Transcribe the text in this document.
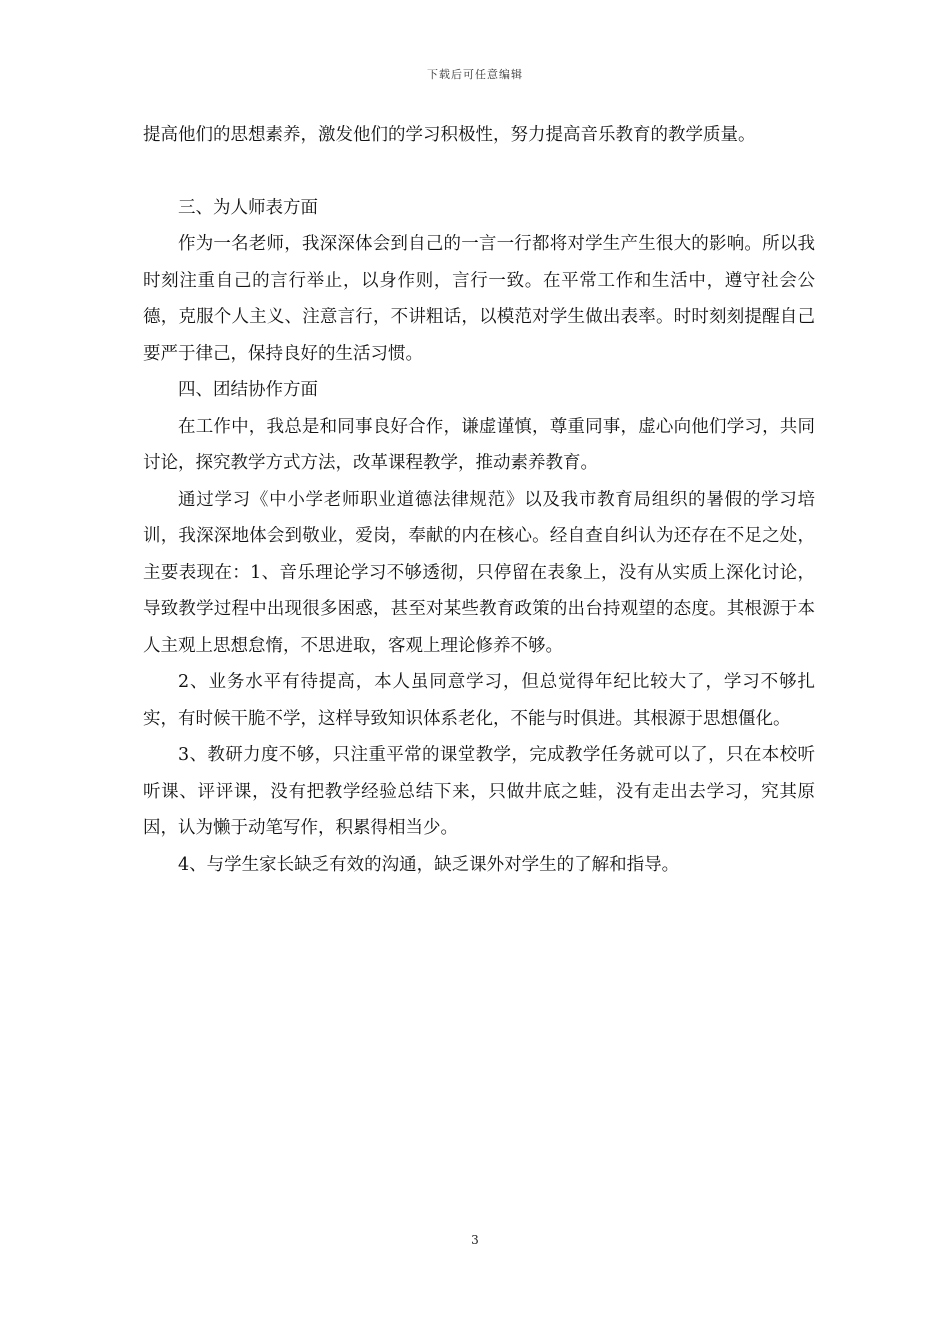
下载后可任意编辑

提高他们的思想素养，激发他们的学习积极性，努力提高音乐教育的教学质量。

三、为人师表方面

作为一名老师，我深深体会到自己的一言一行都将对学生产生很大的影响。所以我时刻注重自己的言行举止，以身作则，言行一致。在平常工作和生活中，遵守社会公德，克服个人主义、注意言行，不讲粗话，以模范对学生做出表率。时时刻刻提醒自己要严于律己，保持良好的生活习惯。

四、团结协作方面

在工作中，我总是和同事良好合作，谦虚谨慎，尊重同事，虚心向他们学习，共同讨论，探究教学方式方法，改革课程教学，推动素养教育。

通过学习《中小学老师职业道德法律规范》以及我市教育局组织的暑假的学习培训，我深深地体会到敬业，爱岗，奉献的内在核心。经自查自纠认为还存在不足之处，主要表现在：1、音乐理论学习不够透彻，只停留在表象上，没有从实质上深化讨论，导致教学过程中出现很多困惑，甚至对某些教育政策的出台持观望的态度。其根源于本人主观上思想怠惰，不思进取，客观上理论修养不够。

2、业务水平有待提高，本人虽同意学习，但总觉得年纪比较大了，学习不够扎实，有时候干脆不学，这样导致知识体系老化，不能与时俱进。其根源于思想僵化。

3、教研力度不够，只注重平常的课堂教学，完成教学任务就可以了，只在本校听听课、评评课，没有把教学经验总结下来，只做井底之蛙，没有走出去学习，究其原因，认为懒于动笔写作，积累得相当少。

4、与学生家长缺乏有效的沟通，缺乏课外对学生的了解和指导。

3
